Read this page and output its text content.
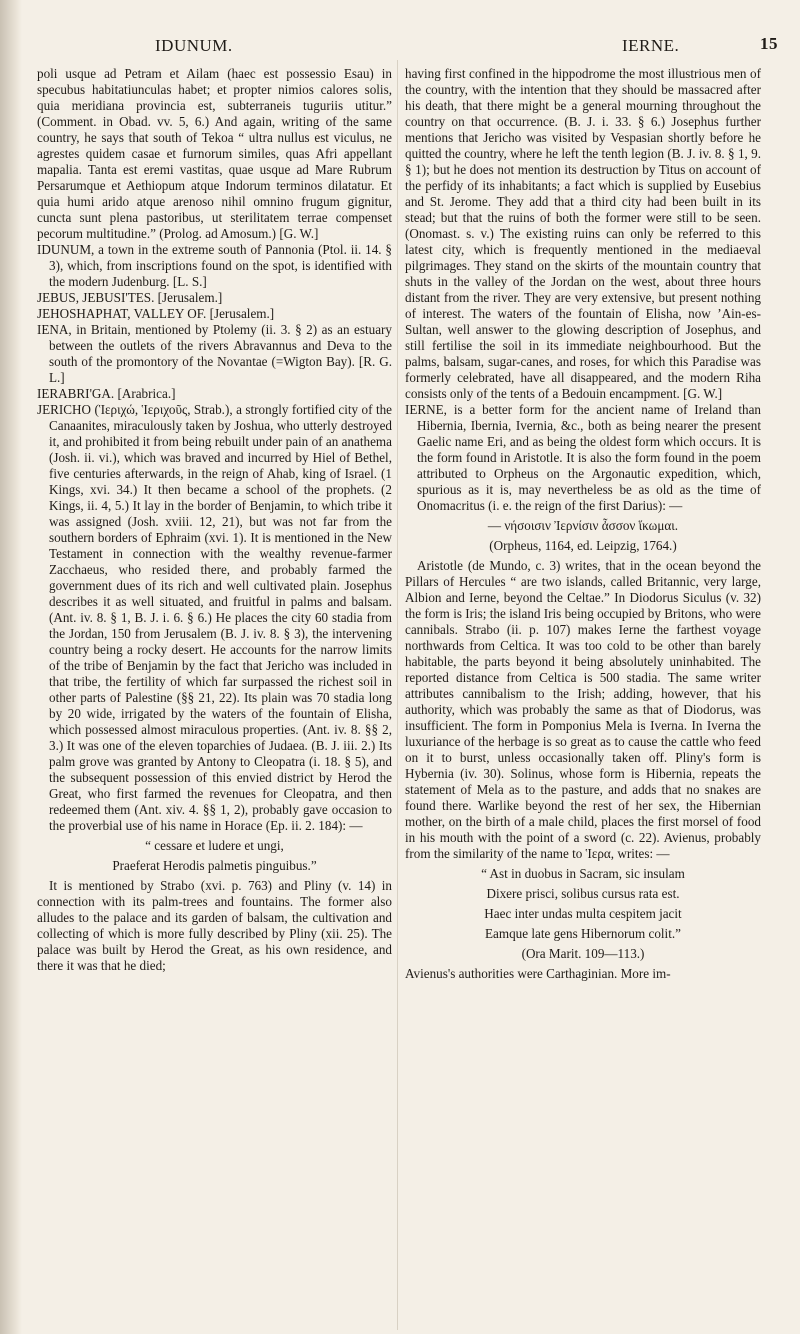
IDUNUM.	IERNE.	15

poli usque ad Petram et Ailam (haec est possessio Esau) in specubus habitatiunculas habet; et propter nimios calores solis, quia meridiana provincia est, subterraneis tuguriis utitur.” (Comment. in Obad. vv. 5, 6.) And again, writing of the same country, he says that south of Tekoa “ ultra nullus est viculus, ne agrestes quidem casae et furnorum similes, quas Afri appellant mapalia. Tanta est eremi vastitas, quae usque ad Mare Rubrum Persarumque et Aethiopum atque Indorum terminos dilatatur. Et quia humi arido atque arenoso nihil omnino frugum gignitur, cuncta sunt plena pastoribus, ut sterilitatem terrae compenset pecorum multitudine.” (Prolog. ad Amosum.) [G. W.]

IDUNUM, a town in the extreme south of Pannonia (Ptol. ii. 14. § 3), which, from inscriptions found on the spot, is identified with the modern Judenburg. [L. S.]

JEBUS, JEBUSI'TES. [Jerusalem.]

JEHOSHAPHAT, VALLEY OF. [Jerusalem.]

IENA, in Britain, mentioned by Ptolemy (ii. 3. § 2) as an estuary between the outlets of the rivers Abravannus and Deva to the south of the promontory of the Novantae (=Wigton Bay). [R. G. L.]

IERABRI'GA. [Arabrica.]

JERICHO (Ἱεριχώ, Ἱεριχοῦς, Strab.), a strongly fortified city of the Canaanites, miraculously taken by Joshua, who utterly destroyed it, and prohibited it from being rebuilt under pain of an anathema (Josh. ii. vi.), which was braved and incurred by Hiel of Bethel, five centuries afterwards, in the reign of Ahab, king of Israel. (1 Kings, xvi. 34.) It then became a school of the prophets. (2 Kings, ii. 4, 5.) It lay in the border of Benjamin, to which tribe it was assigned (Josh. xviii. 12, 21), but was not far from the southern borders of Ephraim (xvi. 1). It is mentioned in the New Testament in connection with the wealthy revenue-farmer Zacchaeus, who resided there, and probably farmed the government dues of its rich and well cultivated plain. Josephus describes it as well situated, and fruitful in palms and balsam. (Ant. iv. 8. § 1, B. J. i. 6. § 6.) He places the city 60 stadia from the Jordan, 150 from Jerusalem (B. J. iv. 8. § 3), the intervening country being a rocky desert. He accounts for the narrow limits of the tribe of Benjamin by the fact that Jericho was included in that tribe, the fertility of which far surpassed the richest soil in other parts of Palestine (§§ 21, 22). Its plain was 70 stadia long by 20 wide, irrigated by the waters of the fountain of Elisha, which possessed almost miraculous properties. (Ant. iv. 8. §§ 2, 3.) It was one of the eleven toparchies of Judaea. (B. J. iii. 2.) Its palm grove was granted by Antony to Cleopatra (i. 18. § 5), and the subsequent possession of this envied district by Herod the Great, who first farmed the revenues for Cleopatra, and then redeemed them (Ant. xiv. 4. §§ 1, 2), probably gave occasion to the proverbial use of his name in Horace (Ep. ii. 2. 184): —

“ cessare et ludere et ungi,

Praeferat Herodis palmetis pinguibus.”

It is mentioned by Strabo (xvi. p. 763) and Pliny (v. 14) in connection with its palm-trees and fountains. The former also alludes to the palace and its garden of balsam, the cultivation and collecting of which is more fully described by Pliny (xii. 25). The palace was built by Herod the Great, as his own residence, and there it was that he died;

having first confined in the hippodrome the most illustrious men of the country, with the intention that they should be massacred after his death, that there might be a general mourning throughout the country on that occurrence. (B. J. i. 33. § 6.) Josephus further mentions that Jericho was visited by Vespasian shortly before he quitted the country, where he left the tenth legion (B. J. iv. 8. § 1, 9. § 1); but he does not mention its destruction by Titus on account of the perfidy of its inhabitants; a fact which is supplied by Eusebius and St. Jerome. They add that a third city had been built in its stead; but that the ruins of both the former were still to be seen. (Onomast. s. v.) The existing ruins can only be referred to this latest city, which is frequently mentioned in the mediaeval pilgrimages. They stand on the skirts of the mountain country that shuts in the valley of the Jordan on the west, about three hours distant from the river. They are very extensive, but present nothing of interest. The waters of the fountain of Elisha, now ’Ain-es-Sultan, well answer to the glowing description of Josephus, and still fertilise the soil in its immediate neighbourhood. But the palms, balsam, sugar-canes, and roses, for which this Paradise was formerly celebrated, have all disappeared, and the modern Riha consists only of the tents of a Bedouin encampment. [G. W.]

IERNE, is a better form for the ancient name of Ireland than Hibernia, Ibernia, Ivernia, &c., both as being nearer the present Gaelic name Eri, and as being the oldest form which occurs. It is the form found in Aristotle. It is also the form found in the poem attributed to Orpheus on the Argonautic expedition, which, spurious as it is, may nevertheless be as old as the time of Onomacritus (i. e. the reign of the first Darius): —

— νήσοισιν Ἰερνίσιν ἆσσον ἵκωμαι.

(Orpheus, 1164, ed. Leipzig, 1764.)

Aristotle (de Mundo, c. 3) writes, that in the ocean beyond the Pillars of Hercules “ are two islands, called Britannic, very large, Albion and Ierne, beyond the Celtae.” In Diodorus Siculus (v. 32) the form is Iris; the island Iris being occupied by Britons, who were cannibals. Strabo (ii. p. 107) makes Ierne the farthest voyage northwards from Celtica. It was too cold to be other than barely habitable, the parts beyond it being absolutely uninhabited. The reported distance from Celtica is 500 stadia. The same writer attributes cannibalism to the Irish; adding, however, that his authority, which was probably the same as that of Diodorus, was insufficient. The form in Pomponius Mela is Iverna. In Iverna the luxuriance of the herbage is so great as to cause the cattle who feed on it to burst, unless occasionally taken off. Pliny's form is Hybernia (iv. 30). Solinus, whose form is Hibernia, repeats the statement of Mela as to the pasture, and adds that no snakes are found there. Warlike beyond the rest of her sex, the Hibernian mother, on the birth of a male child, places the first morsel of food in his mouth with the point of a sword (c. 22). Avienus, probably from the similarity of the name to Ἱερα, writes: —

“ Ast in duobus in Sacram, sic insulam

Dixere prisci, solibus cursus rata est.

Haec inter undas multa cespitem jacit

Eamque late gens Hibernorum colit.”

(Ora Marit. 109—113.)

Avienus's authorities were Carthaginian. More im-
